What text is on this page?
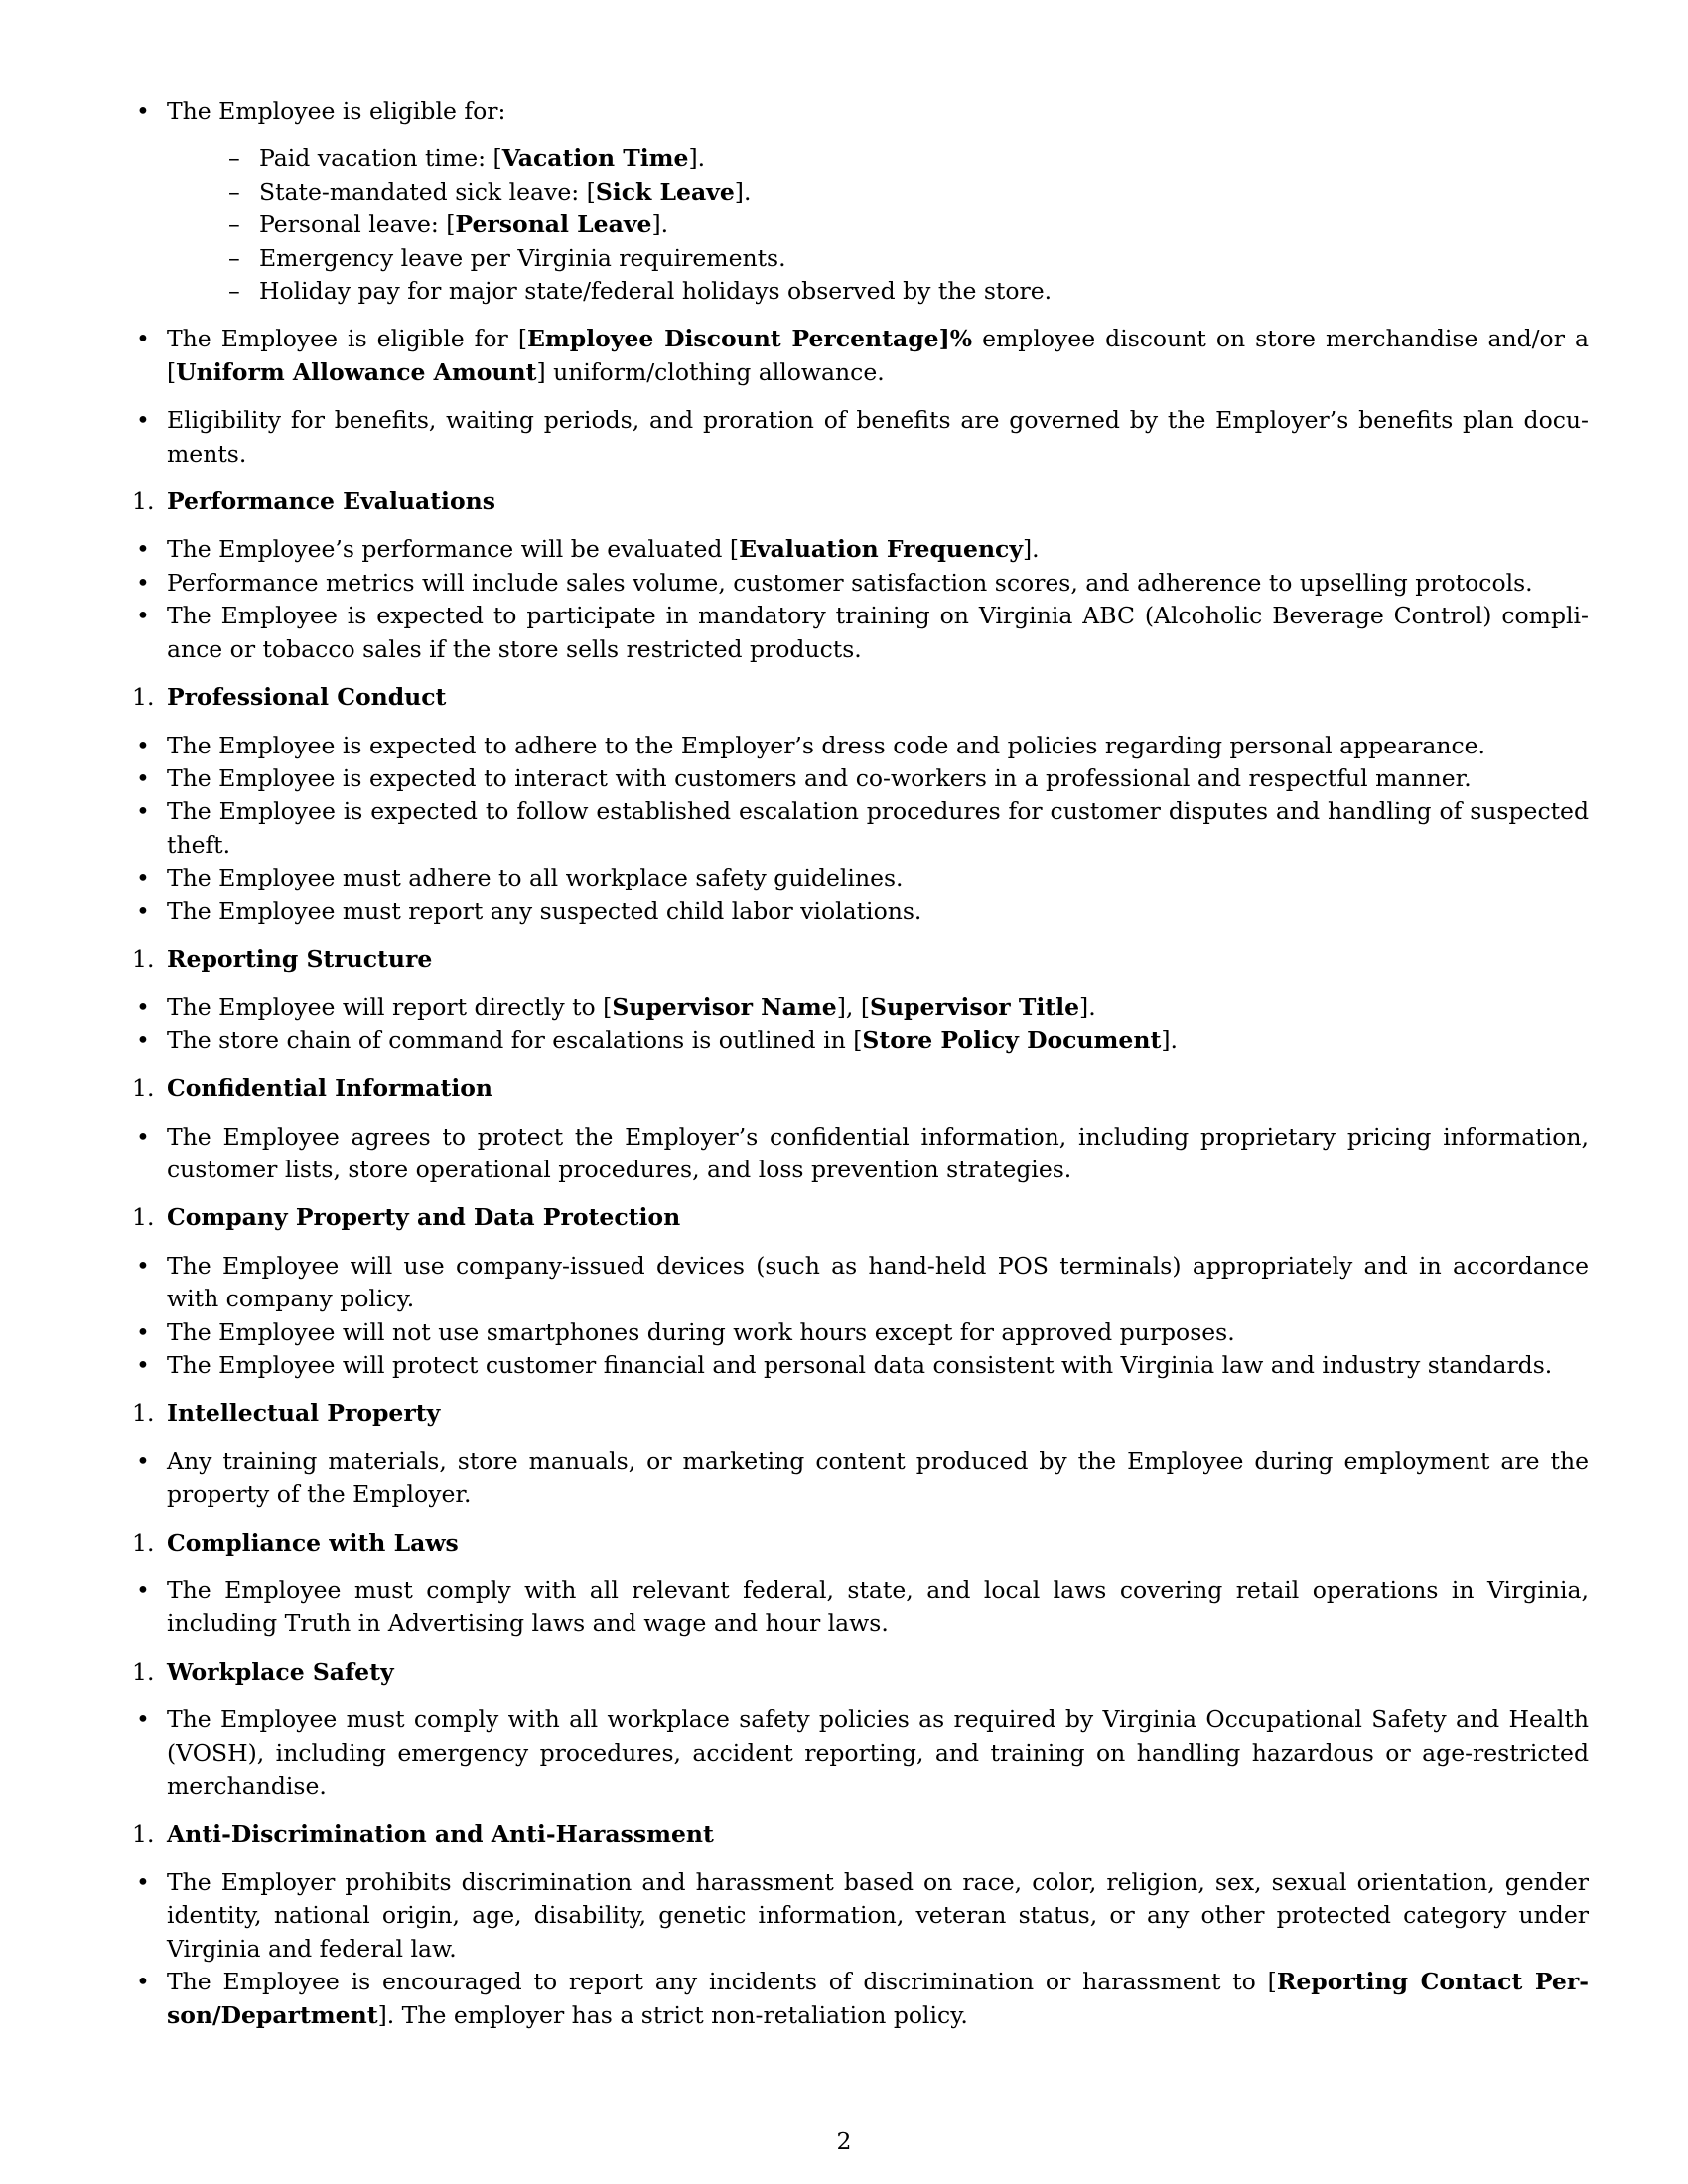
• The Employee is eligible for:
– Paid vacation time: [Vacation Time].
– State-mandated sick leave: [Sick Leave].
– Personal leave: [Personal Leave].
– Emergency leave per Virginia requirements.
– Holiday pay for major state/federal holidays observed by the store.
• The Employee is eligible for [Employee Discount Percentage]% employee discount on store merchandise and/or a [Uniform Allowance Amount] uniform/clothing allowance.
• Eligibility for benefits, waiting periods, and proration of benefits are governed by the Employer’s benefits plan documents.
1. Performance Evaluations
• The Employee’s performance will be evaluated [Evaluation Frequency].
• Performance metrics will include sales volume, customer satisfaction scores, and adherence to upselling protocols.
• The Employee is expected to participate in mandatory training on Virginia ABC (Alcoholic Beverage Control) compliance or tobacco sales if the store sells restricted products.
1. Professional Conduct
• The Employee is expected to adhere to the Employer’s dress code and policies regarding personal appearance.
• The Employee is expected to interact with customers and co-workers in a professional and respectful manner.
• The Employee is expected to follow established escalation procedures for customer disputes and handling of suspected theft.
• The Employee must adhere to all workplace safety guidelines.
• The Employee must report any suspected child labor violations.
1. Reporting Structure
• The Employee will report directly to [Supervisor Name], [Supervisor Title].
• The store chain of command for escalations is outlined in [Store Policy Document].
1. Confidential Information
• The Employee agrees to protect the Employer’s confidential information, including proprietary pricing information, customer lists, store operational procedures, and loss prevention strategies.
1. Company Property and Data Protection
• The Employee will use company-issued devices (such as hand-held POS terminals) appropriately and in accordance with company policy.
• The Employee will not use smartphones during work hours except for approved purposes.
• The Employee will protect customer financial and personal data consistent with Virginia law and industry standards.
1. Intellectual Property
• Any training materials, store manuals, or marketing content produced by the Employee during employment are the property of the Employer.
1. Compliance with Laws
• The Employee must comply with all relevant federal, state, and local laws covering retail operations in Virginia, including Truth in Advertising laws and wage and hour laws.
1. Workplace Safety
• The Employee must comply with all workplace safety policies as required by Virginia Occupational Safety and Health (VOSH), including emergency procedures, accident reporting, and training on handling hazardous or age-restricted merchandise.
1. Anti-Discrimination and Anti-Harassment
• The Employer prohibits discrimination and harassment based on race, color, religion, sex, sexual orientation, gender identity, national origin, age, disability, genetic information, veteran status, or any other protected category under Virginia and federal law.
• The Employee is encouraged to report any incidents of discrimination or harassment to [Reporting Contact Person/Department]. The employer has a strict non-retaliation policy.
2
